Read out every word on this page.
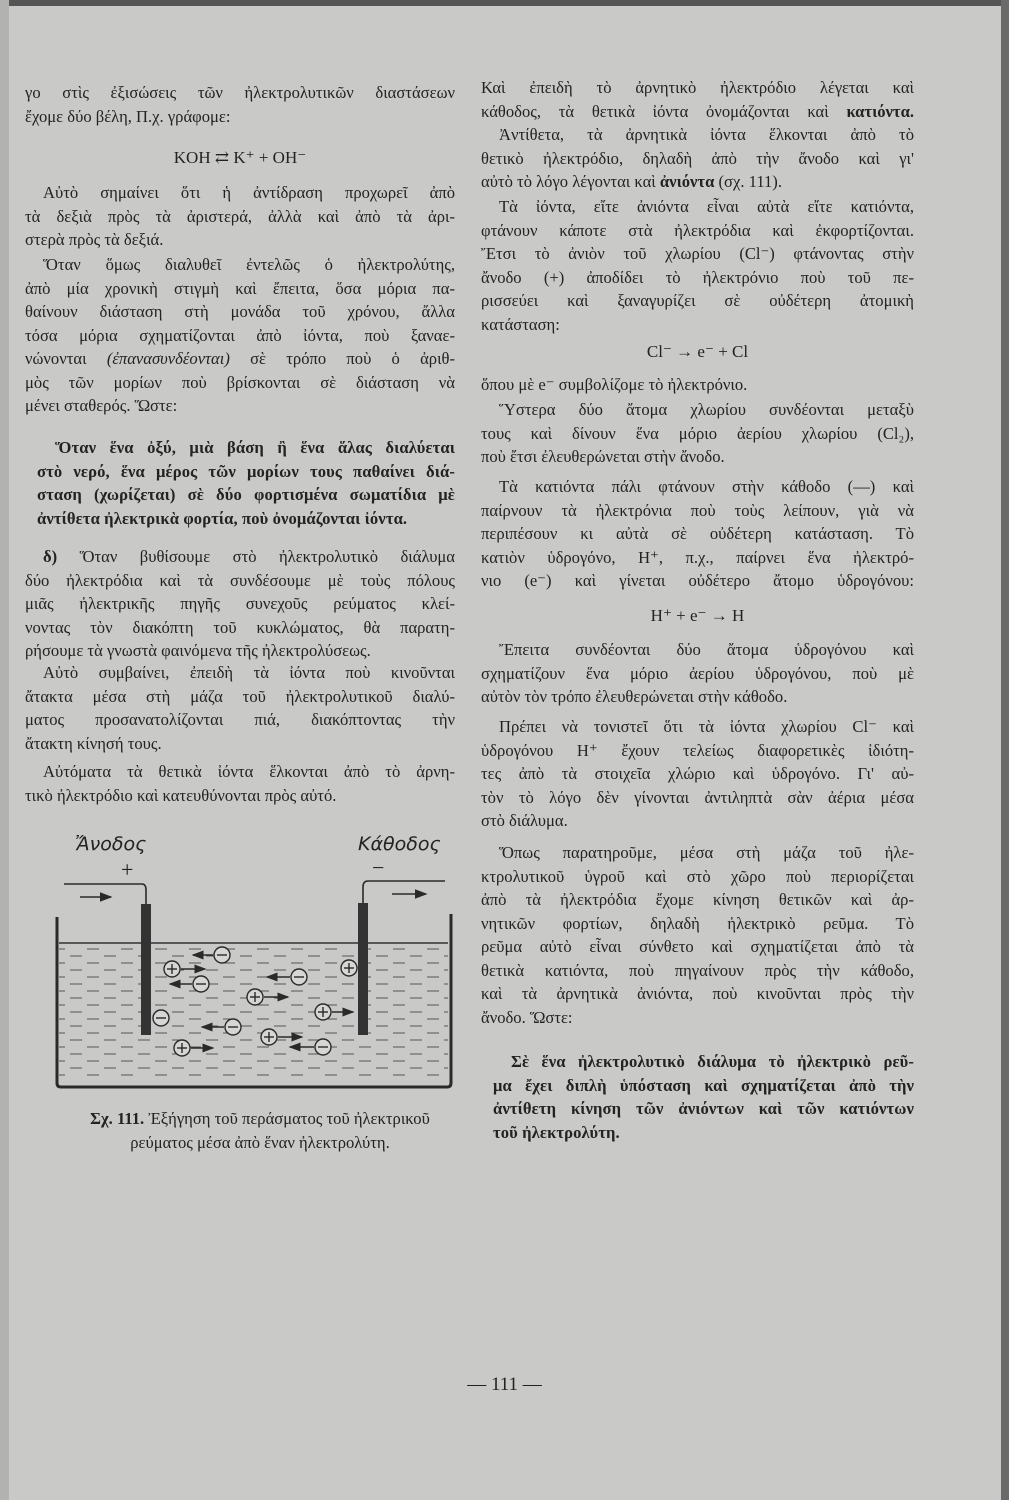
γο στὶς ἐξισώσεις τῶν ἠλεκτρολυτικῶν διαστάσεων
ἔχομε δύο βέλη, Π.χ. γράφομε:
KOH ⇄ K⁺ + OH⁻
Αὐτὸ σημαίνει ὅτι ἡ ἀντίδραση προχωρεῖ ἀπὸ
τὰ δεξιὰ πρὸς τὰ ἀριστερά, ἀλλὰ καὶ ἀπὸ τὰ ἀρι-
στερὰ πρὸς τὰ δεξιά.
Ὅταν ὅμως διαλυθεῖ ἐντελῶς ὁ ἠλεκτρολύτης,
ἀπὸ μία χρονικὴ στιγμὴ καὶ ἔπειτα, ὅσα μόρια πα-
θαίνουν διάσταση στὴ μονάδα τοῦ χρόνου, ἄλλα
τόσα μόρια σχηματίζονται ἀπὸ ἰόντα, ποὺ ξαναε-
νώνονται (ἐπανασυνδέονται) σὲ τρόπο ποὺ ὁ ἀριθ-
μὸς τῶν μορίων ποὺ βρίσκονται σὲ διάσταση νὰ
μένει σταθερός. Ὥστε:
Ὅταν ἕνα ὀξύ, μιὰ βάση ἢ ἕνα ἅλας διαλύεται
στὸ νερό, ἕνα μέρος τῶν μορίων τους παθαίνει διά-
σταση (χωρίζεται) σὲ δύο φορτισμένα σωματίδια μὲ
ἀντίθετα ἠλεκτρικὰ φορτία, ποὺ ὀνομάζονται ἰόντα.
δ) Ὅταν βυθίσουμε στὸ ἠλεκτρολυτικὸ διάλυμα
δύο ἠλεκτρόδια καὶ τὰ συνδέσουμε μὲ τοὺς πόλους
μιᾶς ἠλεκτρικῆς πηγῆς συνεχοῦς ρεύματος κλεί-
νοντας τὸν διακόπτη τοῦ κυκλώματος, θὰ παρατη-
ρήσουμε τὰ γνωστὰ φαινόμενα τῆς ἠλεκτρολύσεως.
Αὐτὸ συμβαίνει, ἐπειδὴ τὰ ἰόντα ποὺ κινοῦνται
ἄτακτα μέσα στὴ μάζα τοῦ ἠλεκτρολυτικοῦ διαλύ-
ματος προσανατολίζονται πιά, διακόπτοντας τὴν
ἄτακτη κίνησή τους.
Αὐτόματα τὰ θετικὰ ἰόντα ἕλκονται ἀπὸ τὸ ἀρνη-
τικὸ ἠλεκτρόδιο καὶ κατευθύνονται πρὸς αὐτό.
Ἄνοδος
+
Κάθοδος
−
Σχ. 111. Ἐξήγηση τοῦ περάσματος τοῦ ἠλεκτρικοῦ
ρεύματος μέσα ἀπὸ ἕναν ἠλεκτρολύτη.
Καὶ ἐπειδὴ τὸ ἀρνητικὸ ἠλεκτρόδιο λέγεται καὶ
κάθοδος, τὰ θετικὰ ἰόντα ὀνομάζονται καὶ κατιόντα.
Ἀντίθετα, τὰ ἀρνητικὰ ἰόντα ἕλκονται ἀπὸ τὸ
θετικὸ ἠλεκτρόδιο, δηλαδὴ ἀπὸ τὴν ἄνοδο καὶ γι'
αὐτὸ τὸ λόγο λέγονται καὶ ἀνιόντα (σχ. 111).
Τὰ ἰόντα, εἴτε ἀνιόντα εἶναι αὐτὰ εἴτε κατιόντα,
φτάνουν κάποτε στὰ ἠλεκτρόδια καὶ ἐκφορτίζονται.
Ἔτσι τὸ ἀνιὸν τοῦ χλωρίου (Cl⁻) φτάνοντας στὴν
ἄνοδο (+) ἀποδίδει τὸ ἠλεκτρόνιο ποὺ τοῦ πε-
ρισσεύει καὶ ξαναγυρίζει σὲ οὐδέτερη ἀτομικὴ
κατάσταση:
Cl⁻ → e⁻ + Cl
ὅπου μὲ e⁻ συμβολίζομε τὸ ἠλεκτρόνιο.
Ὕστερα δύο ἄτομα χλωρίου συνδέονται μεταξὺ
τους καὶ δίνουν ἕνα μόριο ἀερίου χλωρίου (Cl₂),
ποὺ ἔτσι ἐλευθερώνεται στὴν ἄνοδο.
Τὰ κατιόντα πάλι φτάνουν στὴν κάθοδο (—) καὶ
παίρνουν τὰ ἠλεκτρόνια ποὺ τοὺς λείπουν, γιὰ νὰ
περιπέσουν κι αὐτὰ σὲ οὐδέτερη κατάσταση. Τὸ
κατιὸν ὑδρογόνο, H⁺, π.χ., παίρνει ἕνα ἠλεκτρό-
νιο (e⁻) καὶ γίνεται οὐδέτερο ἄτομο ὑδρογόνου:
H⁺ + e⁻ → H
Ἔπειτα συνδέονται δύο ἄτομα ὑδρογόνου καὶ
σχηματίζουν ἕνα μόριο ἀερίου ὑδρογόνου, ποὺ μὲ
αὐτὸν τὸν τρόπο ἐλευθερώνεται στὴν κάθοδο.
Πρέπει νὰ τονιστεῖ ὅτι τὰ ἰόντα χλωρίου Cl⁻ καὶ
ὑδρογόνου H⁺ ἔχουν τελείως διαφορετικὲς ἰδιότη-
τες ἀπὸ τὰ στοιχεῖα χλώριο καὶ ὑδρογόνο. Γι' αὐ-
τὸν τὸ λόγο δὲν γίνονται ἀντιληπτὰ σὰν ἀέρια μέσα
στὸ διάλυμα.
Ὅπως παρατηροῦμε, μέσα στὴ μάζα τοῦ ἠλε-
κτρολυτικοῦ ὑγροῦ καὶ στὸ χῶρο ποὺ περιορίζεται
ἀπὸ τὰ ἠλεκτρόδια ἔχομε κίνηση θετικῶν καὶ ἀρ-
νητικῶν φορτίων, δηλαδὴ ἠλεκτρικὸ ρεῦμα. Τὸ
ρεῦμα αὐτὸ εἶναι σύνθετο καὶ σχηματίζεται ἀπὸ τὰ
θετικὰ κατιόντα, ποὺ πηγαίνουν πρὸς τὴν κάθοδο,
καὶ τὰ ἀρνητικὰ ἀνιόντα, ποὺ κινοῦνται πρὸς τὴν
ἄνοδο. Ὥστε:
Σὲ ἕνα ἠλεκτρολυτικὸ διάλυμα τὸ ἠλεκτρικὸ ρεῦ-
μα ἔχει διπλὴ ὑπόσταση καὶ σχηματίζεται ἀπὸ τὴν
ἀντίθετη κίνηση τῶν ἀνιόντων καὶ τῶν κατιόντων
τοῦ ἠλεκτρολύτη.
— 111 —
